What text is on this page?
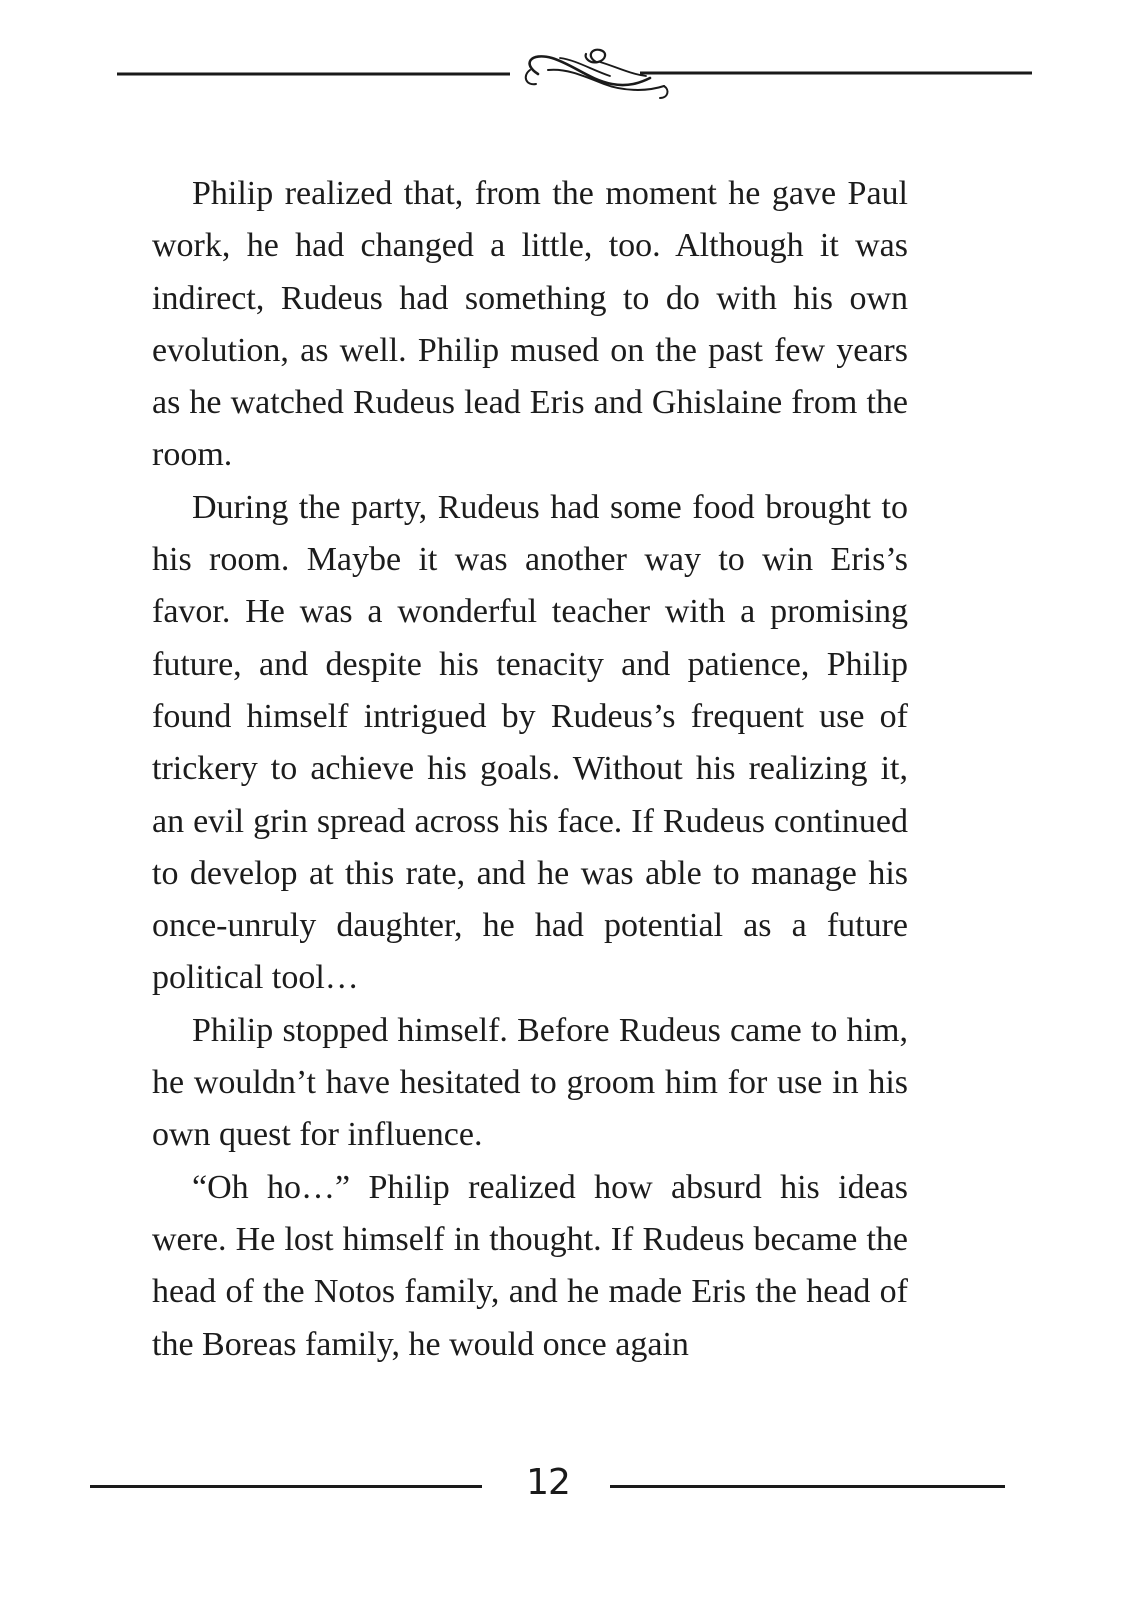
Philip realized that, from the moment he gave Paul work, he had changed a little, too. Although it was indirect, Rudeus had something to do with his own evolution, as well. Philip mused on the past few years as he watched Rudeus lead Eris and Ghislaine from the room.

During the party, Rudeus had some food brought to his room. Maybe it was another way to win Eris’s favor. He was a wonderful teacher with a promising future, and despite his tenacity and patience, Philip found himself intrigued by Rudeus’s frequent use of trickery to achieve his goals. Without his realizing it, an evil grin spread across his face. If Rudeus continued to develop at this rate, and he was able to manage his once-unruly daughter, he had potential as a future political tool…

Philip stopped himself. Before Rudeus came to him, he wouldn’t have hesitated to groom him for use in his own quest for influence.

“Oh ho…” Philip realized how absurd his ideas were. He lost himself in thought. If Rudeus became the head of the Notos family, and he made Eris the head of the Boreas family, he would once again

12
